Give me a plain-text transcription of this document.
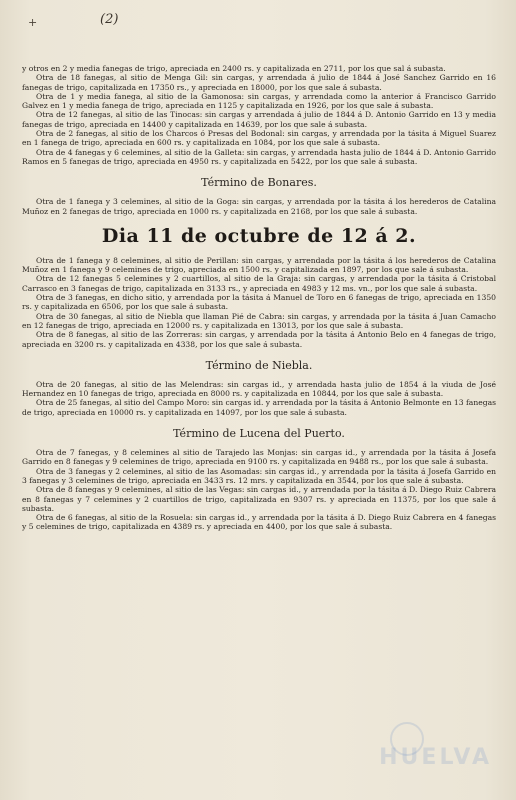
+	(2)

y otros en 2 y media fanegas de trigo, apreciada en 2400 rs. y capitalizada en 2711, por los que sal á subasta.

Otra de 18 fanegas, al sitio de Menga Gil: sin cargas, y arrendada á julio de 1844 á José Sanchez Garrido en 16 fanegas de trigo, capitalizada en 17350 rs., y apreciada en 18000, por los que sale á subasta.

Otra de 1 y media fanega, al sitio de la Gamonosa: sin cargas, y arrendada como la anterior á Francisco Garrido Galvez en 1 y media fanega de trigo, apreciada en 1125 y capitalizada en 1926, por los que sale á subasta.

Otra de 12 fanegas, al sitio de las Tinocas: sin cargas y arrendada á julio de 1844 á D. Antonio Garrido en 13 y media fanegas de trigo, apreciada en 14400 y capitalizada en 14639, por los que sale á subasta.

Otra de 2 fanegas, al sitio de los Charcos ó Presas del Bodonal: sin cargas, y arrendada por la tásita á Miguel Suarez en 1 fanega de trigo, apreciada en 600 rs. y capitalizada en 1084, por los que sale á subasta.

Otra de 4 fanegas y 6 celemines, al sitio de la Galleta: sin cargas, y arrendada hasta julio de 1844 á D. Antonio Garrido Ramos en 5 fanegas de trigo, apreciada en 4950 rs. y capitalizada en 5422, por los que sale á subasta.

Término de Bonares.

Otra de 1 fanega y 3 celemines, al sitio de la Goga: sin cargas, y arrendada por la tásita á los herederos de Catalina Muñoz en 2 fanegas de trigo, apreciada en 1000 rs. y capitalizada en 2168, por los que sale á subasta.

Dia 11 de octubre de 12 á 2.

Otra de 1 fanega y 8 celemines, al sitio de Perillan: sin cargas, y arrendada por la tásita á los herederos de Catalina Muñoz en 1 fanega y 9 celemines de trigo, apreciada en 1500 rs. y capitalizada en 1897, por los que sale á subasta.

Otra de 12 fanegas 5 celemines y 2 cuartillos, al sitio de la Graja: sin cargas, y arrendada por la tásita á Cristobal Carrasco en 3 fanegas de trigo, capitalizada en 3133 rs., y apreciada en 4983 y 12 ms. vn., por los que sale á subasta.

Otra de 3 fanegas, en dicho sitio, y arrendada por la tásita á Manuel de Toro en 6 fanegas de trigo, apreciada en 1350 rs. y capitalizada en 6506, por los que sale á subasta.

Otra de 30 fanegas, al sitio de Niebla que llaman Pié de Cabra: sin cargas, y arrendada por la tásita á Juan Camacho en 12 fanegas de trigo, apreciada en 12000 rs. y capitalizada en 13013, por los que sale á subasta.

Otra de 8 fanegas, al sitio de las Zorreras: sin cargas, y arrendada por la tásita á Antonio Belo en 4 fanegas de trigo, apreciada en 3200 rs. y capitalizada en 4338, por los que sale á subasta.

Término de Niebla.

Otra de 20 fanegas, al sitio de las Melendras: sin cargas id., y arrendada hasta julio de 1854 á la viuda de José Hernandez en 10 fanegas de trigo, apreciada en 8000 rs. y capitalizada en 10844, por los que sale á subasta.

Otra de 25 fanegas, al sitio del Campo Moro: sin cargas id. y arrendada por la tásita á Antonio Belmonte en 13 fanegas de trigo, apreciada en 10000 rs. y capitalizada en 14097, por los que sale á subasta.

Término de Lucena del Puerto.

Otra de 7 fanegas, y 8 celemines al sitio de Tarajedo las Monjas: sin cargas id., y arrendada por la tásita á Josefa Garrido en 8 fanegas y 9 celemines de trigo, apreciada en 9100 rs. y capitalizada en 9488 rs., por los que sale á subasta.

Otra de 3 fanegas y 2 celemines, al sitio de las Asomadas: sin cargas id., y arrendada por la tásita á Josefa Garrido en 3 fanegas y 3 celemines de trigo, apreciada en 3433 rs. 12 mrs. y capitalizada en 3544, por los que sale á subasta.

Otra de 8 fanegas y 9 celemines, al sitio de las Vegas: sin cargas id., y arrendada por la tásita á D. Diego Ruiz Cabrera en 8 fanegas y 7 celemines y 2 cuartillos de trigo, capitalizada en 9307 rs. y apreciada en 11375, por los que sale á subasta.

Otra de 6 fanegas, al sitio de la Rosuela: sin cargas id., y arrendada por la tásita á D. Diego Ruiz Cabrera en 4 fanegas y 5 celemines de trigo, capitalizada en 4389 rs. y apreciada en 4400, por los que sale á subasta.

HUELVA
